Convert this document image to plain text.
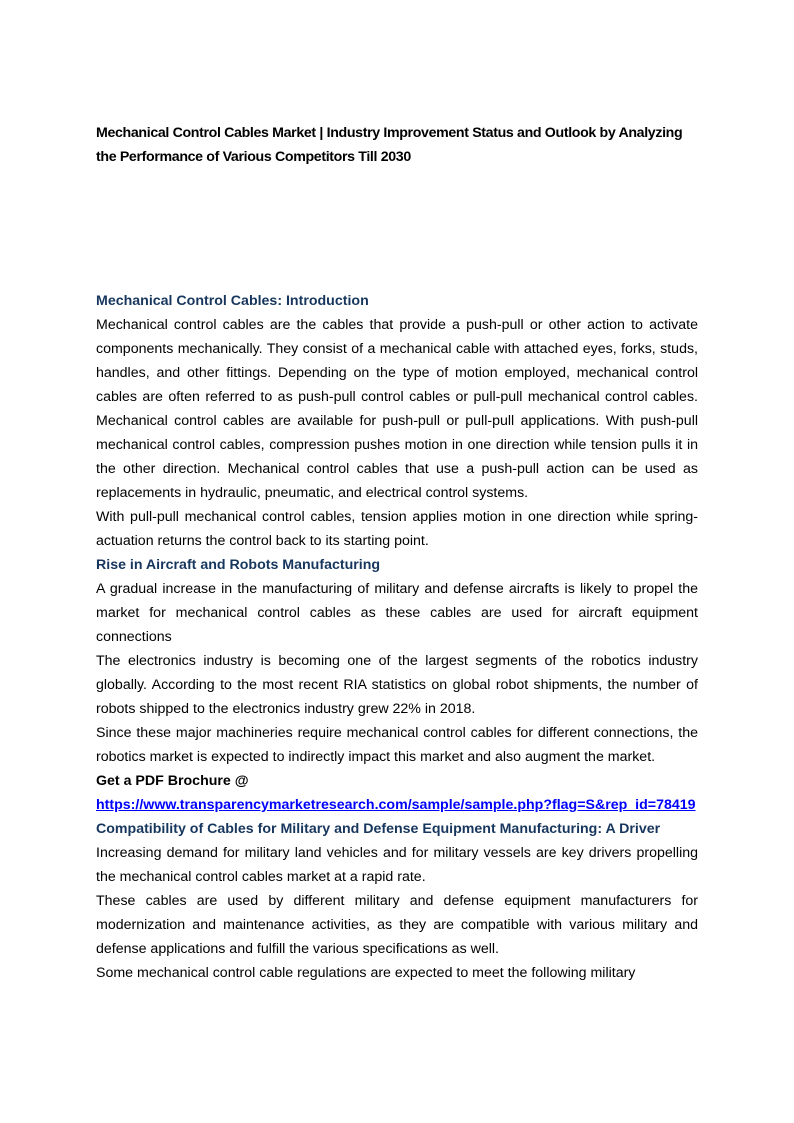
Mechanical Control Cables Market | Industry Improvement Status and Outlook by Analyzing the Performance of Various Competitors Till 2030
Mechanical Control Cables: Introduction

Mechanical control cables are the cables that provide a push-pull or other action to activate components mechanically. They consist of a mechanical cable with attached eyes, forks, studs, handles, and other fittings. Depending on the type of motion employed, mechanical control cables are often referred to as push-pull control cables or pull-pull mechanical control cables. Mechanical control cables are available for push-pull or pull-pull applications. With push-pull mechanical control cables, compression pushes motion in one direction while tension pulls it in the other direction. Mechanical control cables that use a push-pull action can be used as replacements in hydraulic, pneumatic, and electrical control systems.

With pull-pull mechanical control cables, tension applies motion in one direction while spring-actuation returns the control back to its starting point.

Rise in Aircraft and Robots Manufacturing

A gradual increase in the manufacturing of military and defense aircrafts is likely to propel the market for mechanical control cables as these cables are used for aircraft equipment connections

The electronics industry is becoming one of the largest segments of the robotics industry globally. According to the most recent RIA statistics on global robot shipments, the number of robots shipped to the electronics industry grew 22% in 2018.

Since these major machineries require mechanical control cables for different connections, the robotics market is expected to indirectly impact this market and also augment the market.

Get a PDF Brochure @
https://www.transparencymarketresearch.com/sample/sample.php?flag=S&rep_id=78419
Compatibility of Cables for Military and Defense Equipment Manufacturing: A Driver

Increasing demand for military land vehicles and for military vessels are key drivers propelling the mechanical control cables market at a rapid rate.

These cables are used by different military and defense equipment manufacturers for modernization and maintenance activities, as they are compatible with various military and defense applications and fulfill the various specifications as well.

Some mechanical control cable regulations are expected to meet the following military
